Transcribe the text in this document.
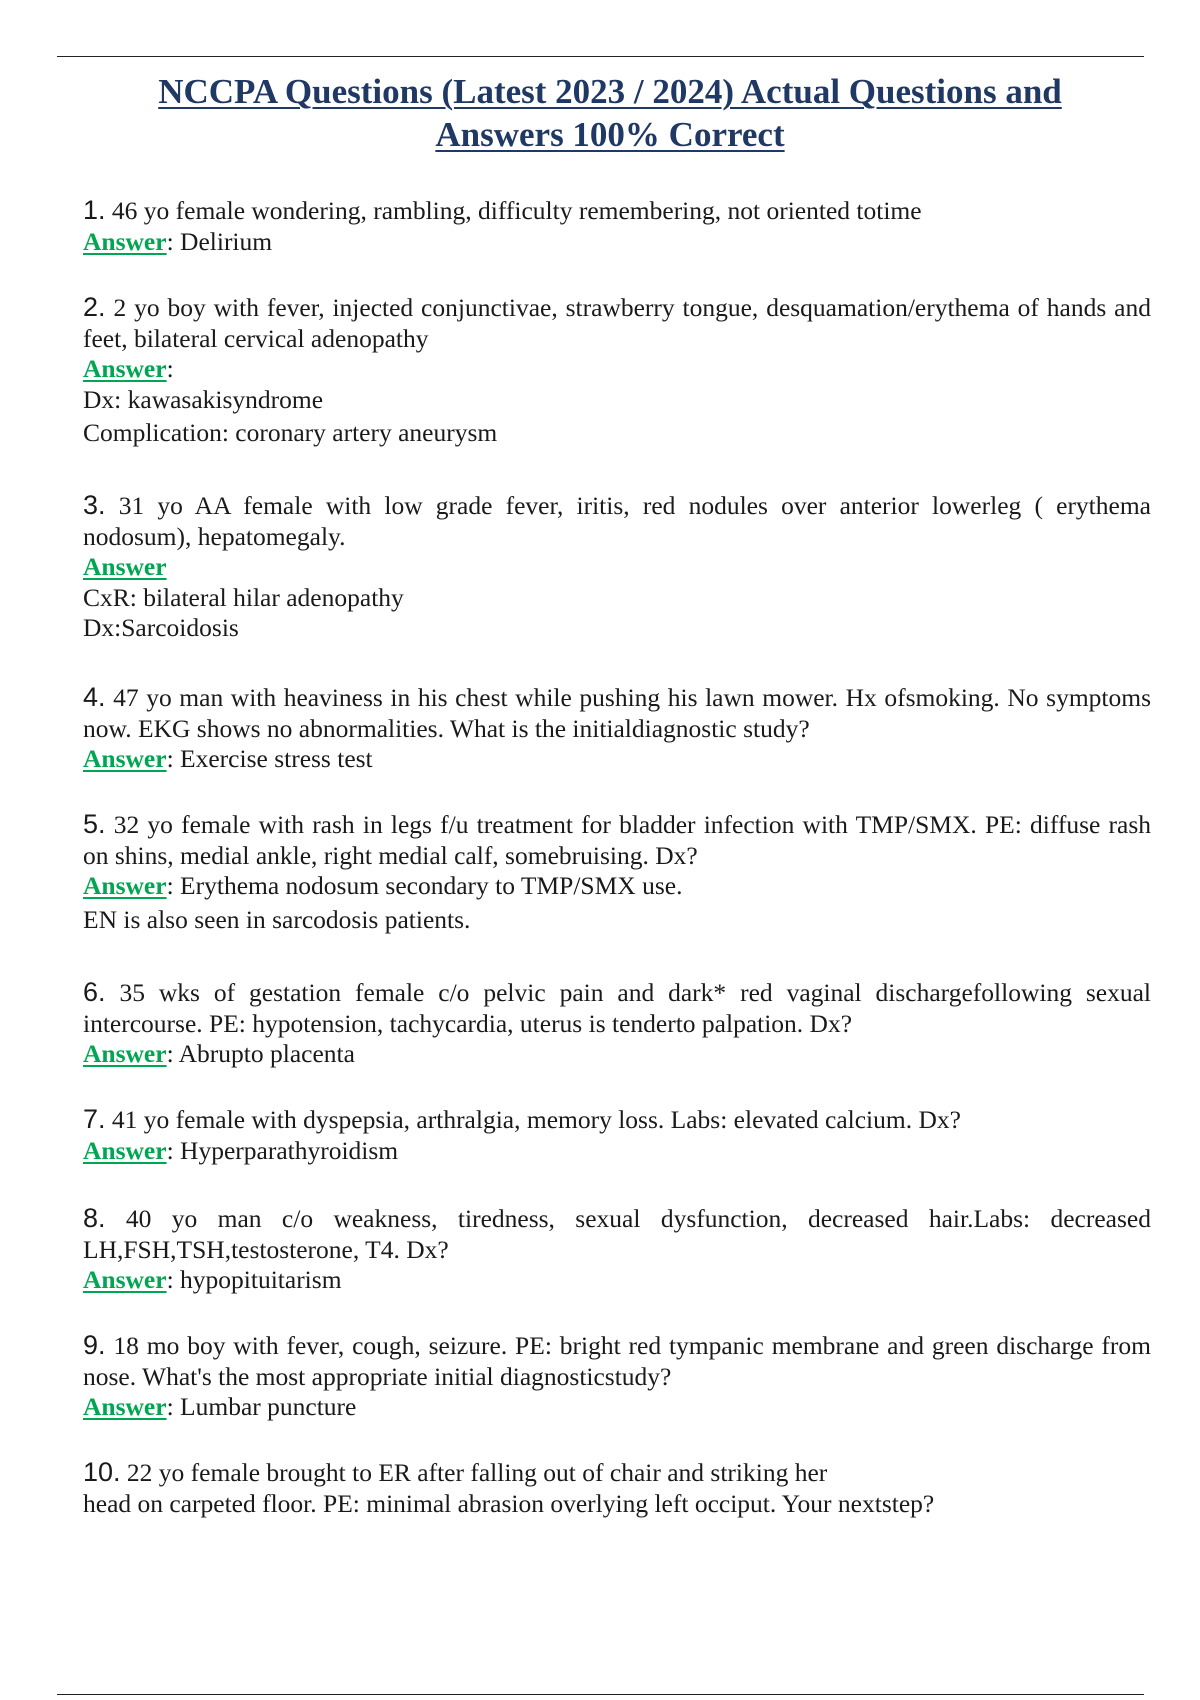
NCCPA Questions (Latest 2023 / 2024) Actual Questions and
Answers 100% Correct

1. 46 yo female wondering, rambling, difficulty remembering, not oriented totime

Answer: Delirium

2. 2 yo boy with fever, injected conjunctivae, strawberry tongue, desquamation/erythema of hands and feet, bilateral cervical adenopathy

Answer:

Dx: kawasakisyndrome

Complication: coronary artery aneurysm

3. 31 yo AA female with low grade fever, iritis, red nodules over anterior lowerleg ( erythema nodosum), hepatomegaly.

Answer

CxR: bilateral hilar adenopathy

Dx:Sarcoidosis

4. 47 yo man with heaviness in his chest while pushing his lawn mower. Hx ofsmoking. No symptoms now. EKG shows no abnormalities. What is the initialdiagnostic study?

Answer: Exercise stress test

5. 32 yo female with rash in legs f/u treatment for bladder infection with TMP/SMX. PE: diffuse rash on shins, medial ankle, right medial calf, somebruising. Dx?

Answer: Erythema nodosum secondary to TMP/SMX use.

EN is also seen in sarcodosis patients.

6. 35 wks of gestation female c/o pelvic pain and dark* red vaginal dischargefollowing sexual intercourse. PE: hypotension, tachycardia, uterus is tenderto palpation. Dx?

Answer: Abrupto placenta

7. 41 yo female with dyspepsia, arthralgia, memory loss. Labs: elevated calcium. Dx?

Answer: Hyperparathyroidism

8. 40 yo man c/o weakness, tiredness, sexual dysfunction, decreased hair.Labs: decreased LH,FSH,TSH,testosterone, T4. Dx?

Answer: hypopituitarism

9. 18 mo boy with fever, cough, seizure. PE: bright red tympanic membrane and green discharge from nose. What's the most appropriate initial diagnosticstudy?

Answer: Lumbar puncture

10. 22 yo female brought to ER after falling out of chair and striking her

head on carpeted floor. PE: minimal abrasion overlying left occiput. Your nextstep?
